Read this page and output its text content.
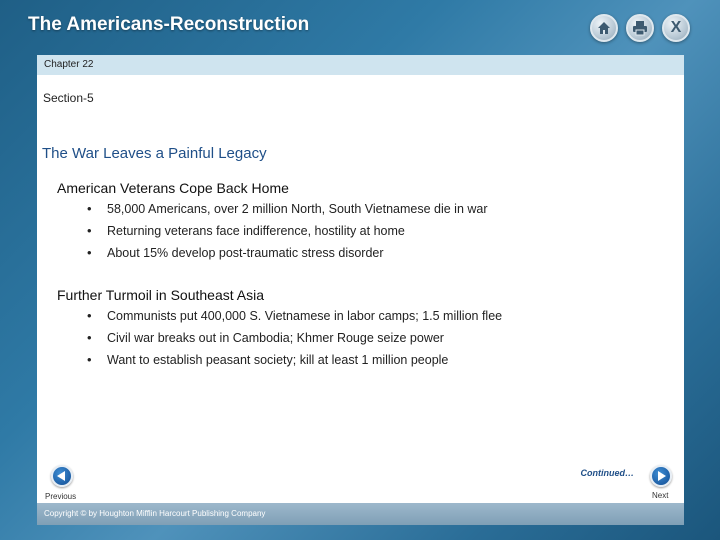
The Americans-Reconstruction	X
Chapter 22
Section-5
The War Leaves a Painful Legacy
American Veterans Cope Back Home
• 58,000 Americans, over 2 million North, South Vietnamese die in war
• Returning veterans face indifference, hostility at home
• About 15% develop post-traumatic stress disorder
Further Turmoil in Southeast Asia
• Communists put 400,000 S. Vietnamese in labor camps; 1.5 million flee
• Civil war breaks out in Cambodia; Khmer Rouge seize power
• Want to establish peasant society; kill at least 1 million people
Continued…
Previous	Next
Copyright © by Houghton Mifflin Harcourt Publishing Company
